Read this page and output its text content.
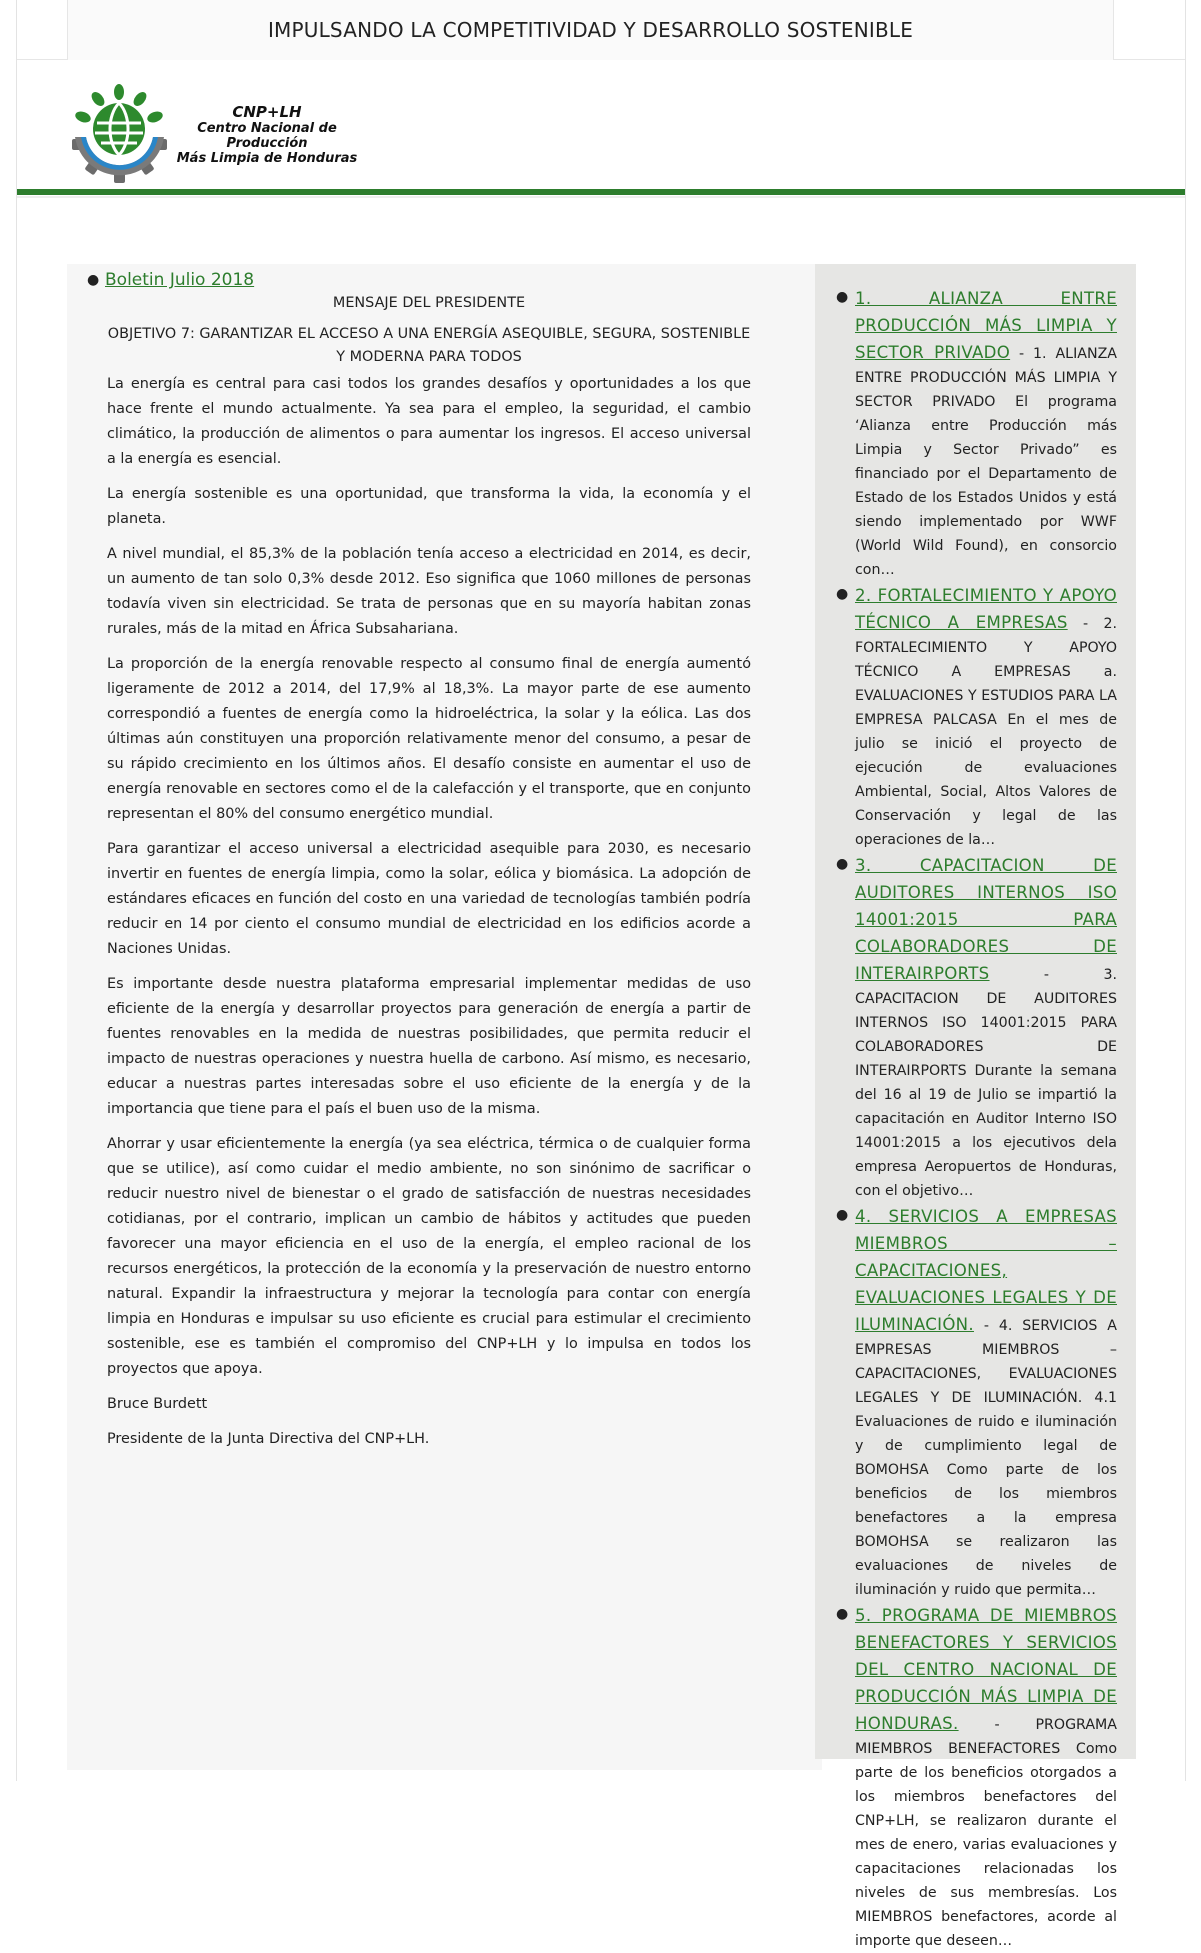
IMPULSANDO LA COMPETITIVIDAD Y DESARROLLO SOSTENIBLE
CNP+LH
Centro Nacional de Producción
Más Limpia de Honduras
● Boletin Julio 2018
MENSAJE DEL PRESIDENTE
OBJETIVO 7: GARANTIZAR EL ACCESO A UNA ENERGÍA ASEQUIBLE, SEGURA, SOSTENIBLE Y MODERNA PARA TODOS

La energía es central para casi todos los grandes desafíos y oportunidades a los que hace frente el mundo actualmente. Ya sea para el empleo, la seguridad, el cambio climático, la producción de alimentos o para aumentar los ingresos. El acceso universal a la energía es esencial.

La energía sostenible es una oportunidad, que transforma la vida, la economía y el planeta.

A nivel mundial, el 85,3% de la población tenía acceso a electricidad en 2014, es decir, un aumento de tan solo 0,3% desde 2012. Eso significa que 1060 millones de personas todavía viven sin electricidad. Se trata de personas que en su mayoría habitan zonas rurales, más de la mitad en África Subsahariana.

La proporción de la energía renovable respecto al consumo final de energía aumentó ligeramente de 2012 a 2014, del 17,9% al 18,3%. La mayor parte de ese aumento correspondió a fuentes de energía como la hidroeléctrica, la solar y la eólica. Las dos últimas aún constituyen una proporción relativamente menor del consumo, a pesar de su rápido crecimiento en los últimos años. El desafío consiste en aumentar el uso de energía renovable en sectores como el de la calefacción y el transporte, que en conjunto representan el 80% del consumo energético mundial.

Para garantizar el acceso universal a electricidad asequible para 2030, es necesario invertir en fuentes de energía limpia, como la solar, eólica y biomásica. La adopción de estándares eficaces en función del costo en una variedad de tecnologías también podría reducir en 14 por ciento el consumo mundial de electricidad en los edificios acorde a Naciones Unidas.

Es importante desde nuestra plataforma empresarial implementar medidas de uso eficiente de la energía y desarrollar proyectos para generación de energía a partir de fuentes renovables en la medida de nuestras posibilidades, que permita reducir el impacto de nuestras operaciones y nuestra huella de carbono. Así mismo, es necesario, educar a nuestras partes interesadas sobre el uso eficiente de la energía y de la importancia que tiene para el país el buen uso de la misma.

Ahorrar y usar eficientemente la energía (ya sea eléctrica, térmica o de cualquier forma que se utilice), así como cuidar el medio ambiente, no son sinónimo de sacrificar o reducir nuestro nivel de bienestar o el grado de satisfacción de nuestras necesidades cotidianas, por el contrario, implican un cambio de hábitos y actitudes que pueden favorecer una mayor eficiencia en el uso de la energía, el empleo racional de los recursos energéticos, la protección de la economía y la preservación de nuestro entorno natural. Expandir la infraestructura y mejorar la tecnología para contar con energía limpia en Honduras e impulsar su uso eficiente es crucial para estimular el crecimiento sostenible, ese es también el compromiso del CNP+LH y lo impulsa en todos los proyectos que apoya.

Bruce Burdett

Presidente de la Junta Directiva del CNP+LH.

● 1. ALIANZA ENTRE PRODUCCIÓN MÁS LIMPIA Y SECTOR PRIVADO - 1. ALIANZA ENTRE PRODUCCIÓN MÁS LIMPIA Y SECTOR PRIVADO El programa ‘Alianza entre Producción más Limpia y Sector Privado” es financiado por el Departamento de Estado de los Estados Unidos y está siendo implementado por WWF (World Wild Found), en consorcio con…
● 2. FORTALECIMIENTO Y APOYO TÉCNICO A EMPRESAS - 2. FORTALECIMIENTO Y APOYO TÉCNICO A EMPRESAS a. EVALUACIONES Y ESTUDIOS PARA LA EMPRESA PALCASA En el mes de julio se inició el proyecto de ejecución de evaluaciones Ambiental, Social, Altos Valores de Conservación y legal de las operaciones de la…
● 3. CAPACITACION DE AUDITORES INTERNOS ISO 14001:2015 PARA COLABORADORES DE INTERAIRPORTS - 3. CAPACITACION DE AUDITORES INTERNOS ISO 14001:2015 PARA COLABORADORES DE INTERAIRPORTS Durante la semana del 16 al 19 de Julio se impartió la capacitación en Auditor Interno ISO 14001:2015 a los ejecutivos dela empresa Aeropuertos de Honduras, con el objetivo…
● 4. SERVICIOS A EMPRESAS MIEMBROS – CAPACITACIONES, EVALUACIONES LEGALES Y DE ILUMINACIÓN. - 4. SERVICIOS A EMPRESAS MIEMBROS – CAPACITACIONES, EVALUACIONES LEGALES Y DE ILUMINACIÓN. 4.1 Evaluaciones de ruido e iluminación y de cumplimiento legal de BOMOHSA Como parte de los beneficios de los miembros benefactores a la empresa BOMOHSA se realizaron las evaluaciones de niveles de iluminación y ruido que permita…
● 5. PROGRAMA DE MIEMBROS BENEFACTORES Y SERVICIOS DEL CENTRO NACIONAL DE PRODUCCIÓN MÁS LIMPIA DE HONDURAS. - PROGRAMA MIEMBROS BENEFACTORES Como parte de los beneficios otorgados a los miembros benefactores del CNP+LH, se realizaron durante el mes de enero, varias evaluaciones y capacitaciones relacionadas los niveles de sus membresías. Los MIEMBROS benefactores, acorde al importe que deseen…
